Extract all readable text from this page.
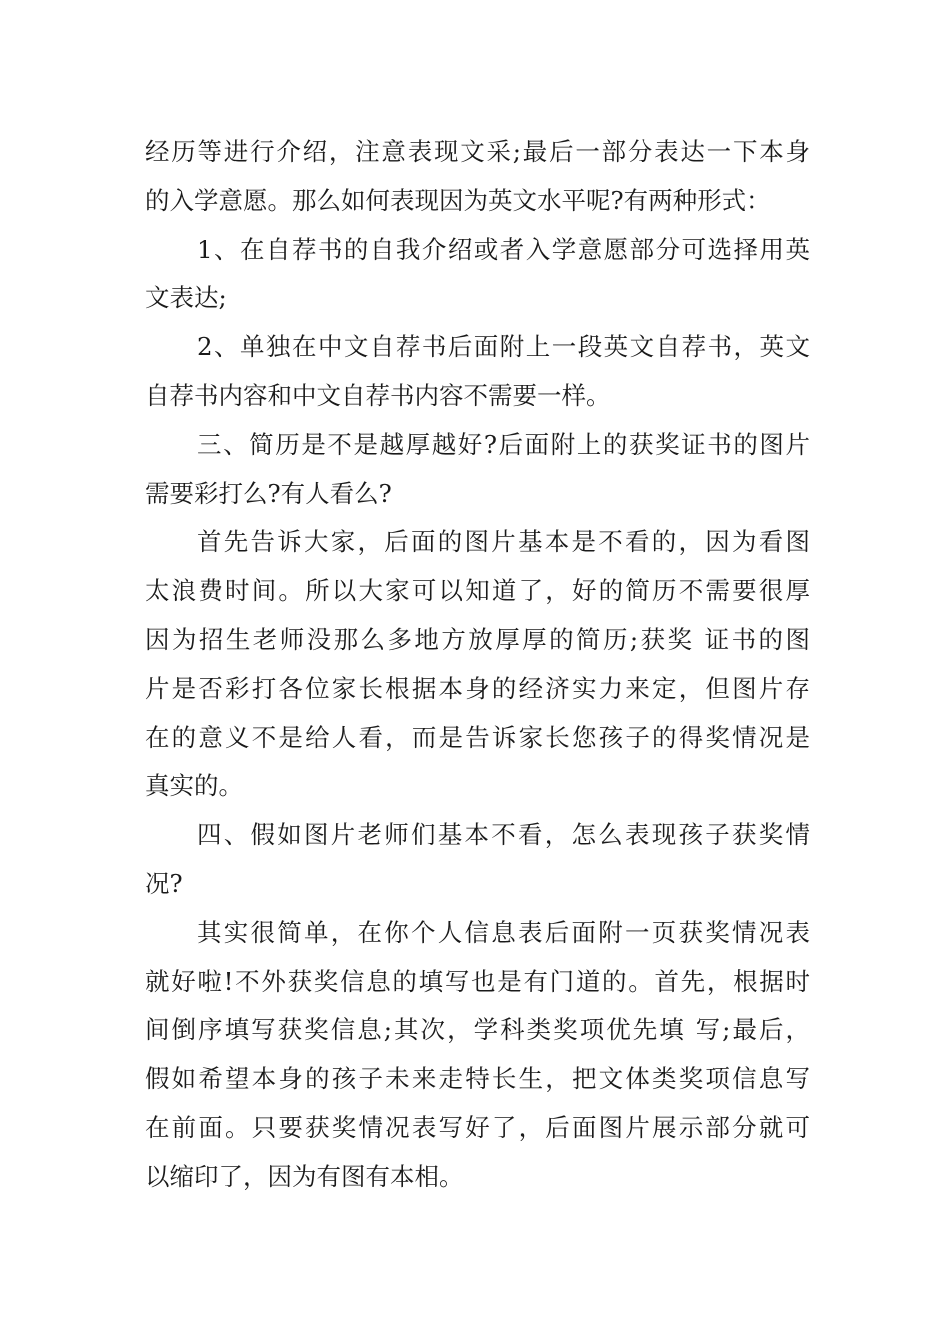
经历等进行介绍，注意表现文采;最后一部分表达一下本身
的入学意愿。那么如何表现因为英文水平呢?有两种形式：
1、在自荐书的自我介绍或者入学意愿部分可选择用英
文表达;
2、单独在中文自荐书后面附上一段英文自荐书，英文
自荐书内容和中文自荐书内容不需要一样。
三、简历是不是越厚越好?后面附上的获奖证书的图片
需要彩打么?有人看么?
首先告诉大家，后面的图片基本是不看的，因为看图
太浪费时间。所以大家可以知道了，好的简历不需要很厚
因为招生老师没那么多地方放厚厚的简历;获奖 证书的图
片是否彩打各位家长根据本身的经济实力来定，但图片存
在的意义不是给人看，而是告诉家长您孩子的得奖情况是
真实的。
四、假如图片老师们基本不看，怎么表现孩子获奖情
况?
其实很简单，在你个人信息表后面附一页获奖情况表
就好啦!不外获奖信息的填写也是有门道的。首先，根据时
间倒序填写获奖信息;其次，学科类奖项优先填 写;最后，
假如希望本身的孩子未来走特长生，把文体类奖项信息写
在前面。只要获奖情况表写好了，后面图片展示部分就可
以缩印了，因为有图有本相。
